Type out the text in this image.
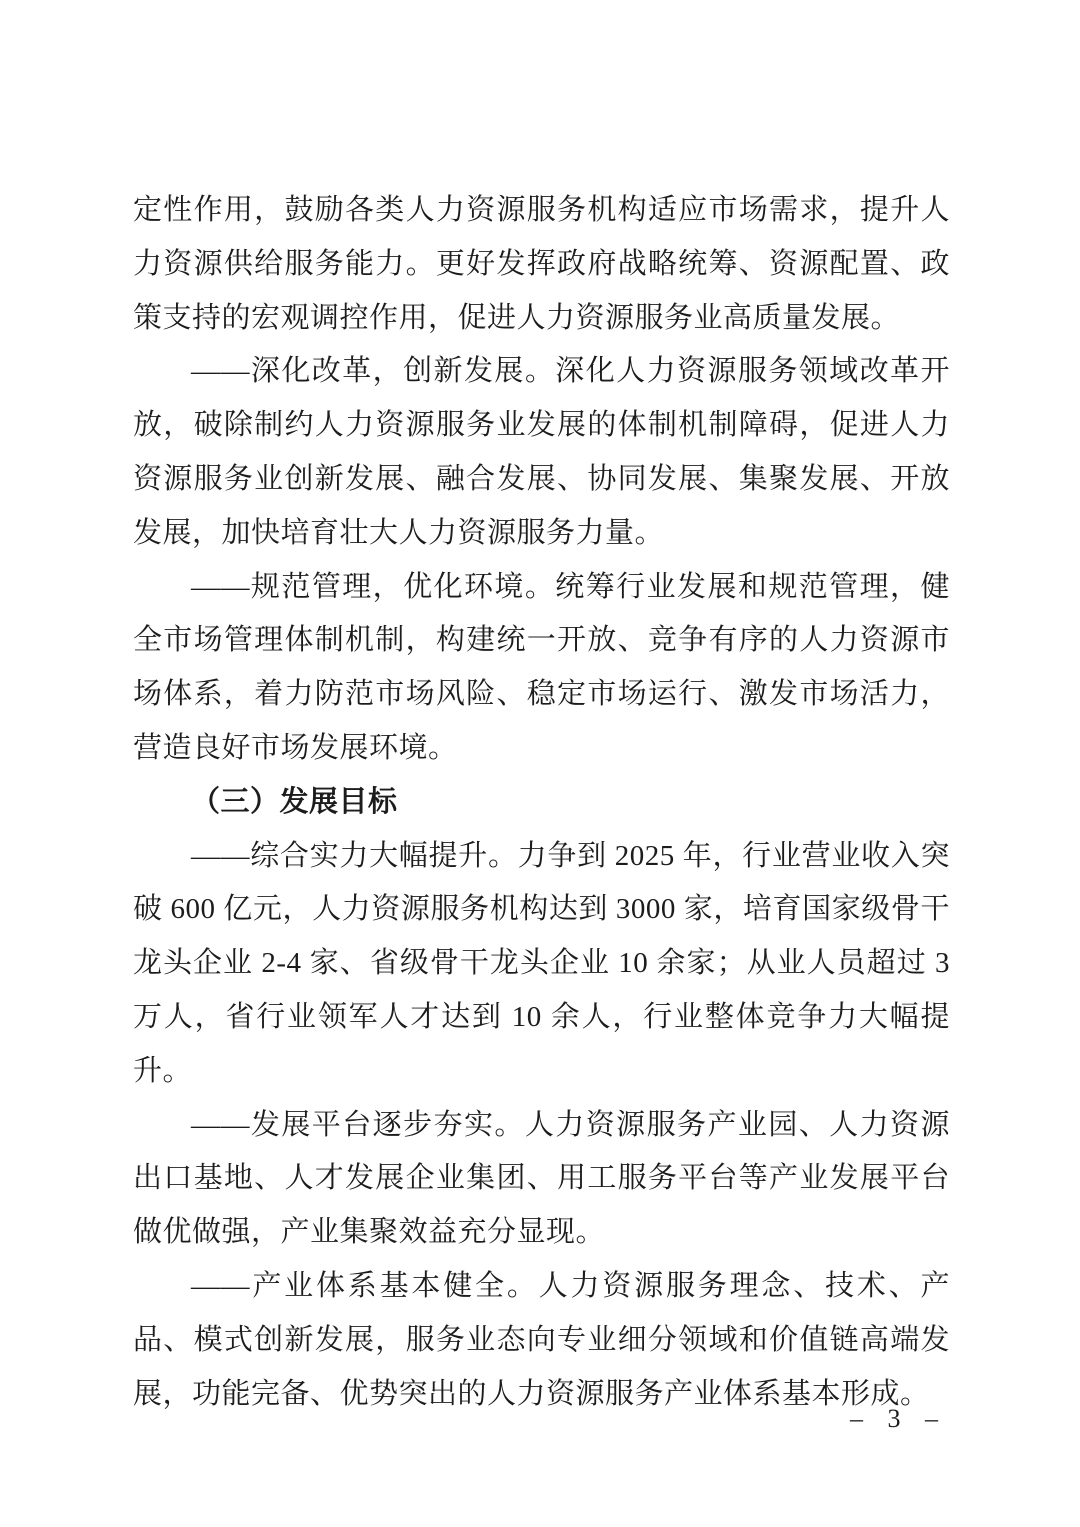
定性作用，鼓励各类人力资源服务机构适应市场需求，提升人力资源供给服务能力。更好发挥政府战略统筹、资源配置、政策支持的宏观调控作用，促进人力资源服务业高质量发展。

——深化改革，创新发展。深化人力资源服务领域改革开放，破除制约人力资源服务业发展的体制机制障碍，促进人力资源服务业创新发展、融合发展、协同发展、集聚发展、开放发展，加快培育壮大人力资源服务力量。

——规范管理，优化环境。统筹行业发展和规范管理，健全市场管理体制机制，构建统一开放、竞争有序的人力资源市场体系，着力防范市场风险、稳定市场运行、激发市场活力，营造良好市场发展环境。

（三）发展目标

——综合实力大幅提升。力争到 2025 年，行业营业收入突破 600 亿元，人力资源服务机构达到 3000 家，培育国家级骨干龙头企业 2-4 家、省级骨干龙头企业 10 余家；从业人员超过 3 万人，省行业领军人才达到 10 余人，行业整体竞争力大幅提升。

——发展平台逐步夯实。人力资源服务产业园、人力资源出口基地、人才发展企业集团、用工服务平台等产业发展平台做优做强，产业集聚效益充分显现。

——产业体系基本健全。人力资源服务理念、技术、产品、模式创新发展，服务业态向专业细分领域和价值链高端发展，功能完备、优势突出的人力资源服务产业体系基本形成。

– 3 –
